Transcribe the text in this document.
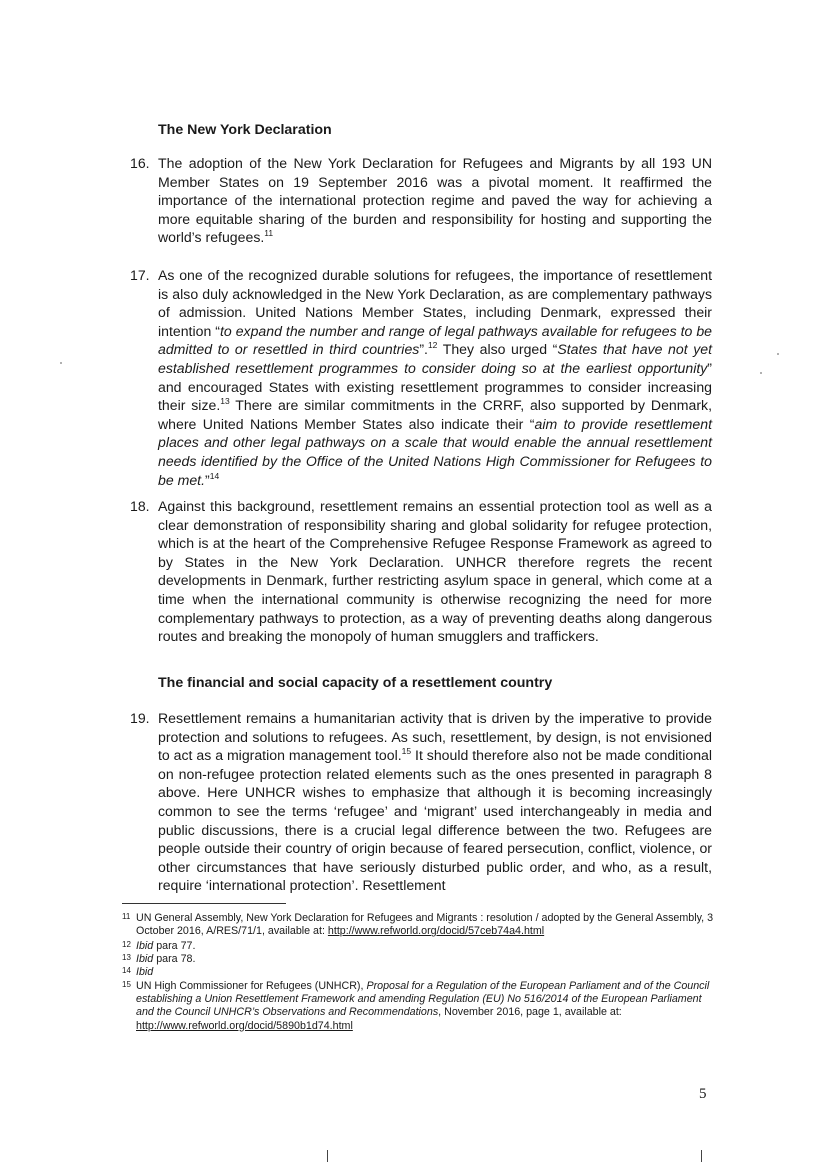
The New York Declaration
16. The adoption of the New York Declaration for Refugees and Migrants by all 193 UN Member States on 19 September 2016 was a pivotal moment. It reaffirmed the importance of the international protection regime and paved the way for achieving a more equitable sharing of the burden and responsibility for hosting and supporting the world’s refugees.$^{11}$
17. As one of the recognized durable solutions for refugees, the importance of resettlement is also duly acknowledged in the New York Declaration, as are complementary pathways of admission. United Nations Member States, including Denmark, expressed their intention “to expand the number and range of legal pathways available for refugees to be admitted to or resettled in third countries”.$^{12}$ They also urged “States that have not yet established resettlement programmes to consider doing so at the earliest opportunity” and encouraged States with existing resettlement programmes to consider increasing their size.$^{13}$ There are similar commitments in the CRRF, also supported by Denmark, where United Nations Member States also indicate their “aim to provide resettlement places and other legal pathways on a scale that would enable the annual resettlement needs identified by the Office of the United Nations High Commissioner for Refugees to be met.”$^{14}$
18. Against this background, resettlement remains an essential protection tool as well as a clear demonstration of responsibility sharing and global solidarity for refugee protection, which is at the heart of the Comprehensive Refugee Response Framework as agreed to by States in the New York Declaration. UNHCR therefore regrets the recent developments in Denmark, further restricting asylum space in general, which come at a time when the international community is otherwise recognizing the need for more complementary pathways to protection, as a way of preventing deaths along dangerous routes and breaking the monopoly of human smugglers and traffickers.
The financial and social capacity of a resettlement country
19. Resettlement remains a humanitarian activity that is driven by the imperative to provide protection and solutions to refugees. As such, resettlement, by design, is not envisioned to act as a migration management tool.$^{15}$ It should therefore also not be made conditional on non-refugee protection related elements such as the ones presented in paragraph 8 above. Here UNHCR wishes to emphasize that although it is becoming increasingly common to see the terms ‘refugee’ and ‘migrant’ used interchangeably in media and public discussions, there is a crucial legal difference between the two. Refugees are people outside their country of origin because of feared persecution, conflict, violence, or other circumstances that have seriously disturbed public order, and who, as a result, require ‘international protection’. Resettlement
11 UN General Assembly, New York Declaration for Refugees and Migrants : resolution / adopted by the General Assembly, 3 October 2016, A/RES/71/1, available at: http://www.refworld.org/docid/57ceb74a4.html
12 Ibid para 77.
13 Ibid para 78.
14 Ibid
15 UN High Commissioner for Refugees (UNHCR), Proposal for a Regulation of the European Parliament and of the Council establishing a Union Resettlement Framework and amending Regulation (EU) No 516/2014 of the European Parliament and the Council UNHCR’s Observations and Recommendations, November 2016, page 1, available at: http://www.refworld.org/docid/5890b1d74.html
5
